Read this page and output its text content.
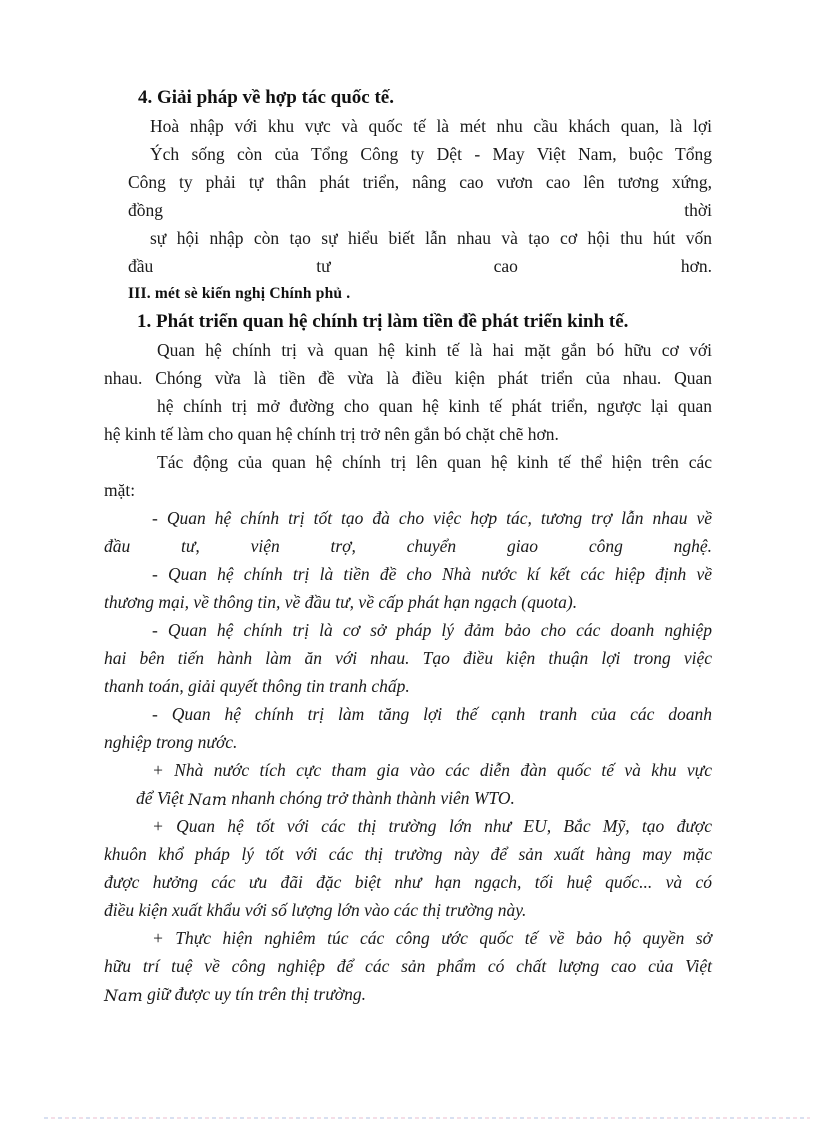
4. Giải pháp về hợp tác quốc tế.
Hoà nhập với khu vực và quốc tế là mét nhu cầu khách quan, là lợi
Ých sống còn của Tổng Công ty Dệt - May Việt Nam, buộc Tổng
Công ty phải tự thân phát triển, nâng cao vươn cao lên tương xứng,
đồng thời
sự hội nhập còn tạo sự hiểu biết lẫn nhau và tạo cơ hội thu hút vốn
đầu tư cao hơn.
III. mét sè kiến nghị Chính phủ .
1. Phát triển quan hệ chính trị làm tiền đề phát triển kinh tế.
Quan hệ chính trị và quan hệ kinh tế là hai mặt gắn bó hữu cơ với
nhau. Chóng vừa là tiền đề vừa là điều kiện phát triển của nhau. Quan
hệ chính trị mở đường cho quan hệ kinh tế phát triển, ngược lại quan
hệ kinh tế làm cho quan hệ chính trị trở nên gắn bó chặt chẽ hơn.
Tác động của quan hệ chính trị lên quan hệ kinh tế thể hiện trên các
mặt:
- Quan hệ chính trị tốt tạo đà cho việc hợp tác, tương trợ lẫn nhau về
đầu tư, viện trợ, chuyển giao công nghệ.
- Quan hệ chính trị là tiền đề cho Nhà nước kí kết các hiệp định về
thương mại, về thông tin, về đầu tư, về cấp phát hạn ngạch (quota).
- Quan hệ chính trị là cơ sở pháp lý đảm bảo cho các doanh nghiệp
hai bên tiến hành làm ăn với nhau. Tạo điều kiện thuận lợi trong việc
thanh toán, giải quyết thông tin tranh chấp.
- Quan hệ chính trị làm tăng lợi thế cạnh tranh của các doanh
nghiệp trong nước.
+ Nhà nước tích cực tham gia vào các diễn đàn quốc tế và khu vực
để Việt Nam nhanh chóng trở thành thành viên WTO.
+ Quan hệ tốt với các thị trường lớn như EU, Bắc Mỹ, tạo được
khuôn khổ pháp lý tốt với các thị trường này để sản xuất hàng may mặc
được hưởng các ưu đãi đặc biệt như hạn ngạch, tối huệ quốc... và có
điều kiện xuất khẩu với số lượng lớn vào các thị trường này.
+ Thực hiện nghiêm túc các công ước quốc tế về bảo hộ quyền sở
hữu trí tuệ về công nghiệp để các sản phẩm có chất lượng cao của Việt
Nam giữ được uy tín trên thị trường.
